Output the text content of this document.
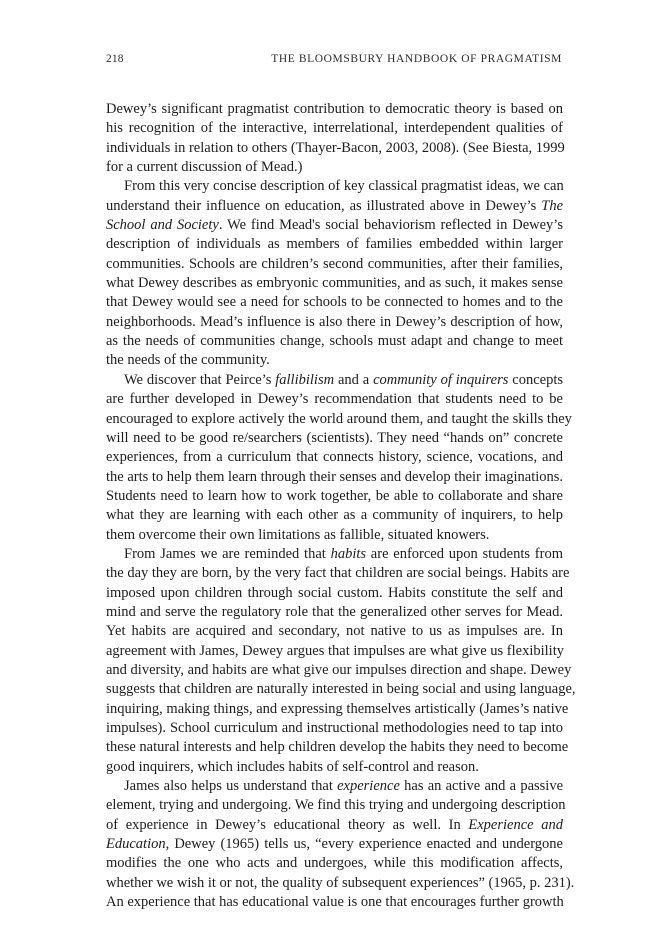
218	THE BLOOMSBURY HANDBOOK OF PRAGMATISM
Dewey’s significant pragmatist contribution to democratic theory is based on
his recognition of the interactive, interrelational, interdependent qualities of
individuals in relation to others (Thayer-Bacon, 2003, 2008). (See Biesta, 1999
for a current discussion of Mead.)
From this very concise description of key classical pragmatist ideas, we can
understand their influence on education, as illustrated above in Dewey’s The
School and Society. We find Mead's social behaviorism reflected in Dewey’s
description of individuals as members of families embedded within larger
communities. Schools are children’s second communities, after their families,
what Dewey describes as embryonic communities, and as such, it makes sense
that Dewey would see a need for schools to be connected to homes and to the
neighborhoods. Mead’s influence is also there in Dewey’s description of how,
as the needs of communities change, schools must adapt and change to meet
the needs of the community.
We discover that Peirce’s fallibilism and a community of inquirers concepts
are further developed in Dewey’s recommendation that students need to be
encouraged to explore actively the world around them, and taught the skills they
will need to be good re/searchers (scientists). They need “hands on” concrete
experiences, from a curriculum that connects history, science, vocations, and
the arts to help them learn through their senses and develop their imaginations.
Students need to learn how to work together, be able to collaborate and share
what they are learning with each other as a community of inquirers, to help
them overcome their own limitations as fallible, situated knowers.
From James we are reminded that habits are enforced upon students from
the day they are born, by the very fact that children are social beings. Habits are
imposed upon children through social custom. Habits constitute the self and
mind and serve the regulatory role that the generalized other serves for Mead.
Yet habits are acquired and secondary, not native to us as impulses are. In
agreement with James, Dewey argues that impulses are what give us flexibility
and diversity, and habits are what give our impulses direction and shape. Dewey
suggests that children are naturally interested in being social and using language,
inquiring, making things, and expressing themselves artistically (James’s native
impulses). School curriculum and instructional methodologies need to tap into
these natural interests and help children develop the habits they need to become
good inquirers, which includes habits of self-control and reason.
James also helps us understand that experience has an active and a passive
element, trying and undergoing. We find this trying and undergoing description
of experience in Dewey’s educational theory as well. In Experience and
Education, Dewey (1965) tells us, “every experience enacted and undergone
modifies the one who acts and undergoes, while this modification affects,
whether we wish it or not, the quality of subsequent experiences” (1965, p. 231).
An experience that has educational value is one that encourages further growth
